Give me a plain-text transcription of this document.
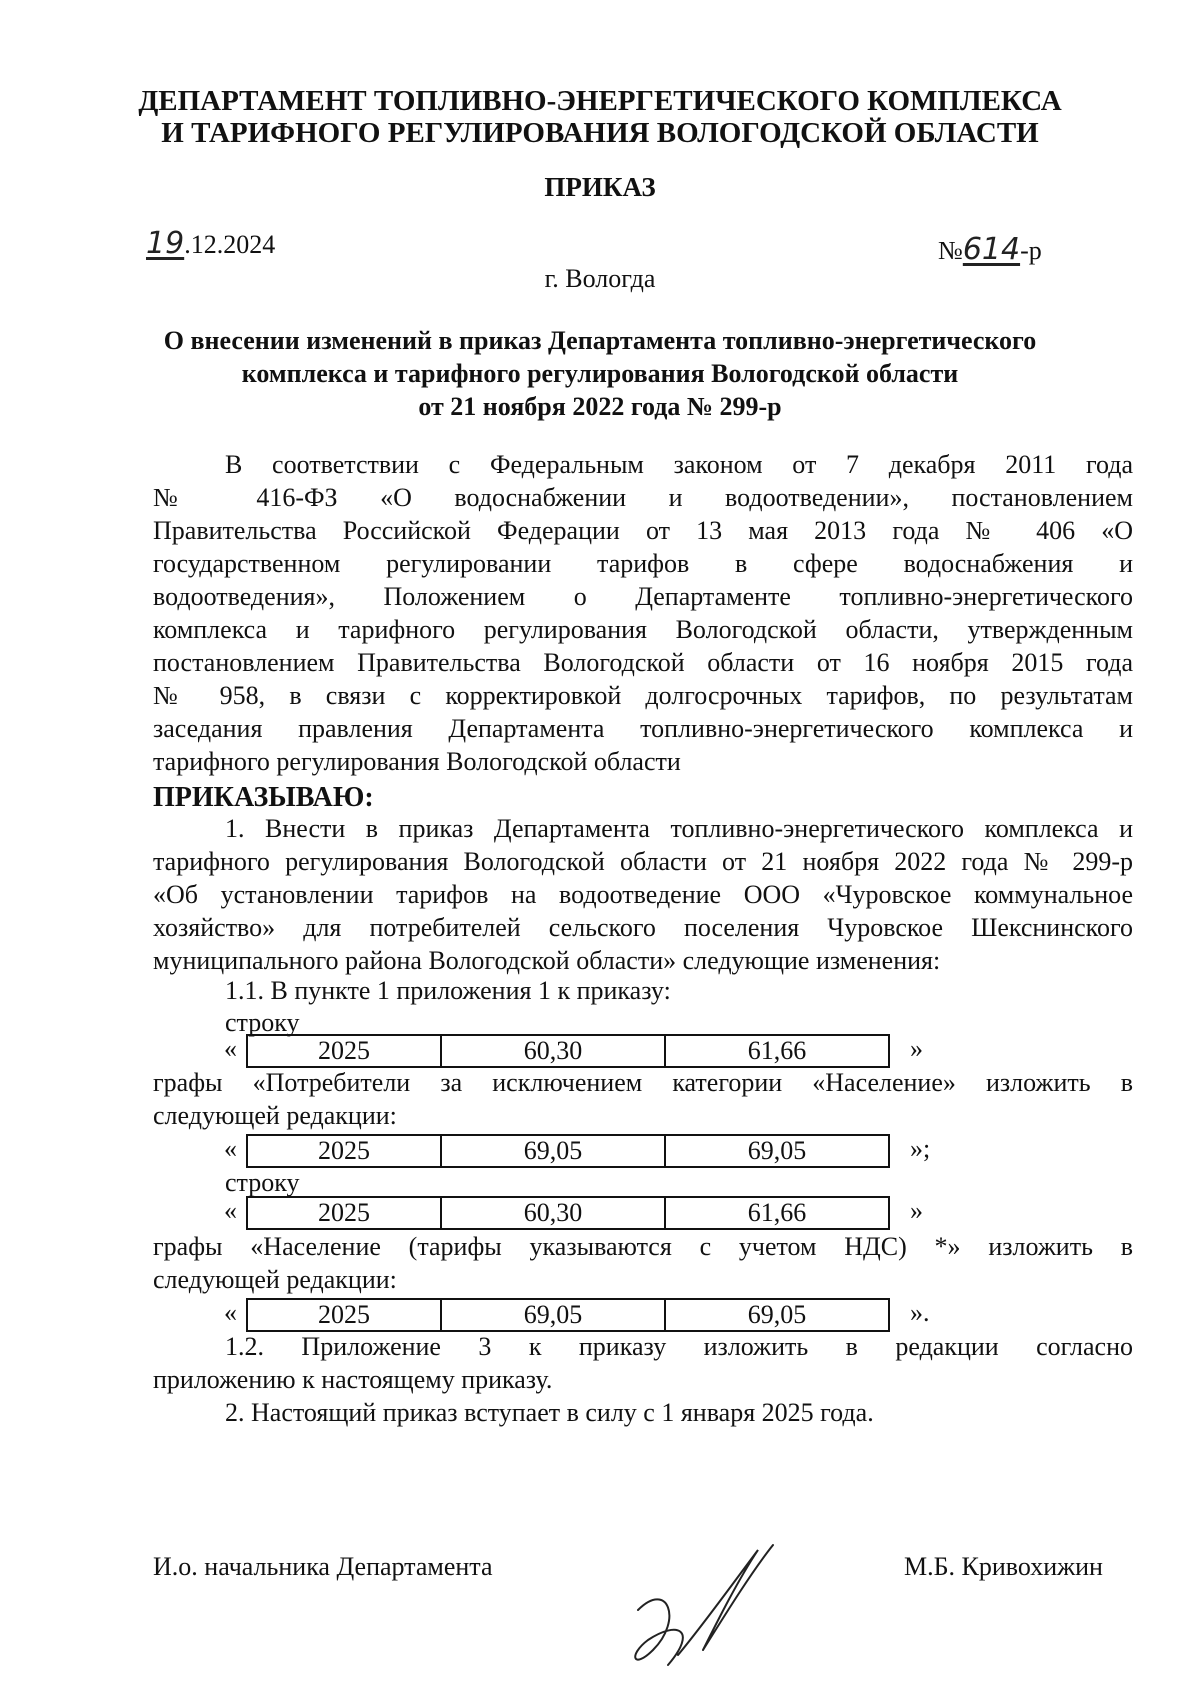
ДЕПАРТАМЕНТ ТОПЛИВНО-ЭНЕРГЕТИЧЕСКОГО КОМПЛЕКСА
И ТАРИФНОГО РЕГУЛИРОВАНИЯ ВОЛОГОДСКОЙ ОБЛАСТИ
ПРИКАЗ
19.12.2024	№614-р
г. Вологда
О внесении изменений в приказ Департамента топливно-энергетического
комплекса и тарифного регулирования Вологодской области
от 21 ноября 2022 года № 299-р
В соответствии с Федеральным законом от 7 декабря 2011 года
№ 416-ФЗ «О водоснабжении и водоотведении», постановлением
Правительства Российской Федерации от 13 мая 2013 года № 406 «О
государственном регулировании тарифов в сфере водоснабжения и
водоотведения», Положением о Департаменте топливно-энергетического
комплекса и тарифного регулирования Вологодской области, утвержденным
постановлением Правительства Вологодской области от 16 ноября 2015 года
№ 958, в связи с корректировкой долгосрочных тарифов, по результатам
заседания правления Департамента топливно-энергетического комплекса и
тарифного регулирования Вологодской области
ПРИКАЗЫВАЮ:
1. Внести в приказ Департамента топливно-энергетического комплекса и
тарифного регулирования Вологодской области от 21 ноября 2022 года № 299-р
«Об установлении тарифов на водоотведение ООО «Чуровское коммунальное
хозяйство» для потребителей сельского поселения Чуровское Шекснинского
муниципального района Вологодской области» следующие изменения:
1.1. В пункте 1 приложения 1 к приказу:
строку
«	2025	60,30	61,66	»
графы «Потребители за исключением категории «Население» изложить в
следующей редакции:
«	2025	69,05	69,05	»;
строку
«	2025	60,30	61,66	»
графы «Население (тарифы указываются с учетом НДС) *» изложить в
следующей редакции:
«	2025	69,05	69,05	».
1.2. Приложение 3 к приказу изложить в редакции согласно
приложению к настоящему приказу.
2. Настоящий приказ вступает в силу с 1 января 2025 года.
И.о. начальника Департамента	М.Б. Кривохижин
